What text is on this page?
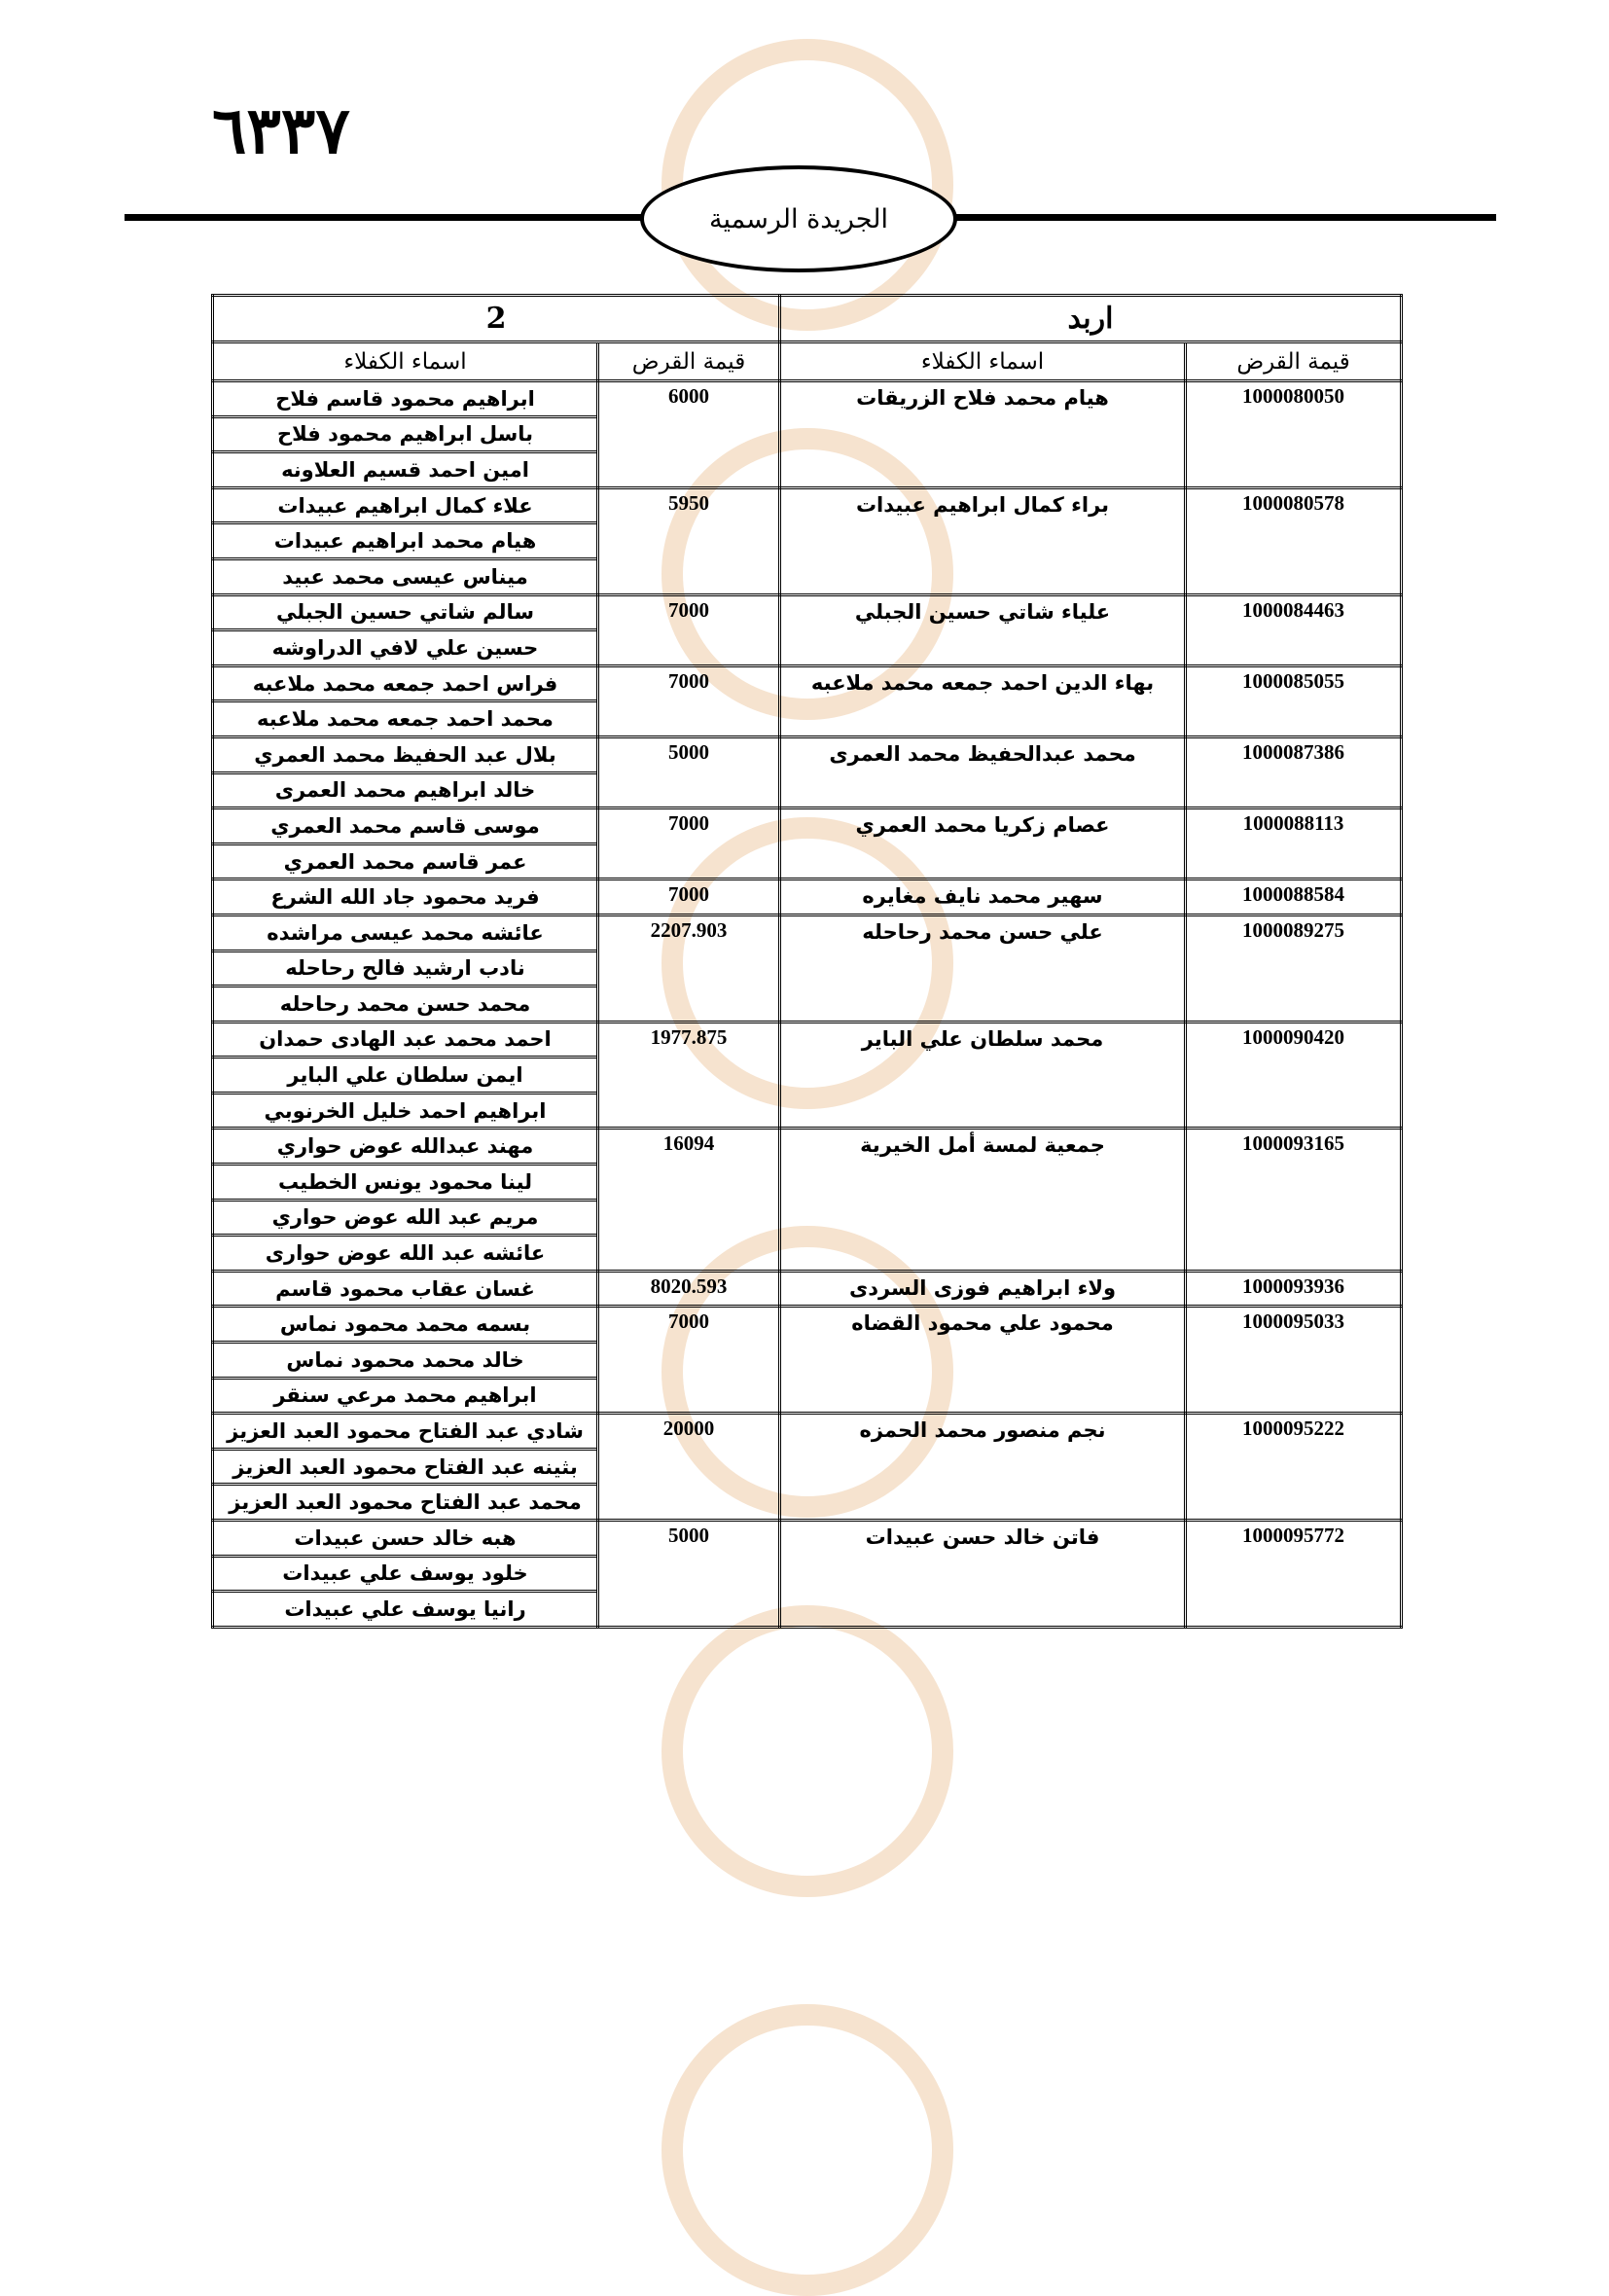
٦٣٣٧
الجريدة الرسمية
اربد		2	
قيمة القرض	اسماء الكفلاء	قيمة القرض	اسماء الكفلاء
1000080050	هيام محمد فلاح الزريقات	6000	ابراهيم محمود قاسم فلاح
			باسل ابراهيم محمود فلاح
			امين احمد قسيم العلاونه
1000080578	براء كمال ابراهيم عبيدات	5950	علاء كمال ابراهيم عبيدات
			هيام محمد ابراهيم عبيدات
			ميناس عيسى محمد عبيد
1000084463	علياء شاتي حسين الجبلي	7000	سالم شاتي حسين الجبلي
			حسين علي لافي الدراوشه
1000085055	بهاء الدين احمد جمعه محمد ملاعبه	7000	فراس احمد جمعه محمد ملاعبه
			محمد احمد جمعه محمد ملاعبه
1000087386	محمد عبدالحفيظ محمد العمرى	5000	بلال عبد الحفيظ محمد العمري
			خالد ابراهيم محمد العمرى
1000088113	عصام زكريا محمد العمري	7000	موسى قاسم محمد العمري
			عمر قاسم محمد العمري
1000088584	سهير محمد نايف مغايره	7000	فريد محمود جاد الله الشرع
1000089275	علي حسن محمد رحاحله	2207.903	عائشه محمد عيسى مراشده
			نادب ارشيد فالح رحاحله
			محمد حسن محمد رحاحله
1000090420	محمد سلطان علي الباير	1977.875	احمد محمد عبد الهادى حمدان
			ايمن سلطان علي الباير
			ابراهيم احمد خليل الخرنوبي
1000093165	جمعية لمسة أمل الخيرية	16094	مهند عبدالله عوض حواري
			لينا محمود يونس الخطيب
			مريم عبد الله عوض حواري
			عائشه عبد الله عوض حوارى
1000093936	ولاء ابراهيم فوزى السردى	8020.593	غسان عقاب محمود قاسم
1000095033	محمود علي محمود القضاه	7000	بسمه محمد محمود نماس
			خالد محمد محمود نماس
			ابراهيم محمد مرعي سنقر
1000095222	نجم منصور محمد الحمزه	20000	شادي عبد الفتاح محمود العبد العزيز
			بثينه عبد الفتاح محمود العبد العزيز
			محمد عبد الفتاح محمود العبد العزيز
1000095772	فاتن خالد حسن عبيدات	5000	هبه خالد حسن عبيدات
			خلود يوسف علي عبيدات
			رانيا يوسف علي عبيدات
